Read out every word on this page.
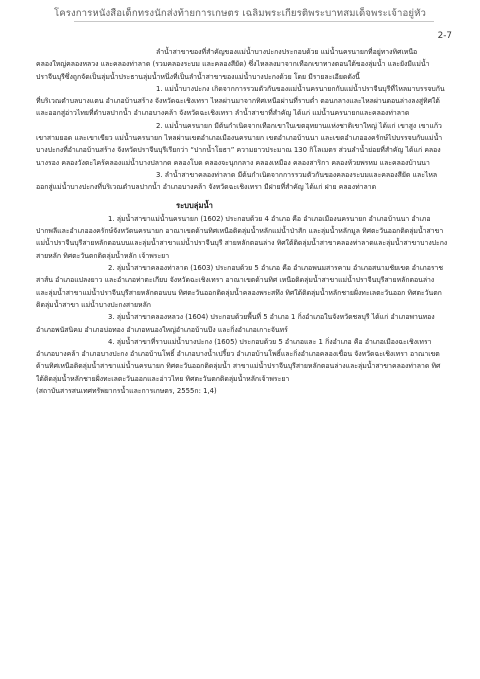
โครงการหนังสือเด็กทรงนักส่งท้ายการเกษตร เฉลิมพระเกียรติพระบาทสมเด็จพระเจ้าอยู่หัว
2-7

ลำน้ำสาขาของที่สำคัญของแม่น้ำบางปะกงประกอบด้วย แม่น้ำนครนายกที่อยู่ทางทิศเหนือ คลองใหญ่คลองหลวง และคลองท่าลาด (รวมคลองระบม และคลองสียัด) ซึ่งไหลลงมาจากเทือกเขาทางตอนใต้ของลุ่มน้ำ และยังมีแม่น้ำปราจีนบุรีซึ่งถูกจัดเป็นลุ่มน้ำประธานลุ่มน้ำหนึ่งที่เป็นลำน้ำสาขาของแม่น้ำบางปะกงด้วย โดย มีรายละเอียดดังนี้

1. แม่น้ำบางปะกง เกิดจากการรวมตัวกันของแม่น้ำนครนายกกับแม่น้ำปราจีนบุรีที่ไหลมาบรรจบกัน ที่บริเวณตำบลบางแตน อำเภอบ้านสร้าง จังหวัดฉะเชิงเทรา ไหลผ่านมาจากทิศเหนือผ่านที่ราบต่ำ ตอนกลางและไหลผ่านตอนล่างลงสู่ทิศใต้และออกสู่อ่าวไทยที่ตำบลปากน้ำ อำเภอบางคล้า จังหวัดฉะเชิงเทรา ลำน้ำสาขาที่สำคัญ ได้แก่ แม่น้ำนครนายกและคลองท่าลาด

2. แม่น้ำนครนายก มีต้นกำเนิดจากเทือกเขาในเขตอุทยานแห่งชาติเขาใหญ่ ได้แก่ เขาสูง เขาแก้ว เขาสามยอด และเขาเขียว แม่น้ำนครนายก ไหลผ่านเขตอำเภอเมืองนครนายก เขตอำเภอบ้านนา และเขตอำเภอองครักษ์ไปบรรจบกับแม่น้ำบางปะกงที่อำเภอบ้านสร้าง จังหวัดปราจีนบุรีเรียกว่า “ปากน้ำโยธา” ความยาวประมาณ 130 กิโลเมตร ส่วนลำน้ำย่อยที่สำคัญ ได้แก่ คลองนางรอง คลองวังตะไคร้คลองแม่น้ำบางปลากด คลองโบด คลองจะนุกกลาง คลองเหมือง คลองสาริกา คลองห้วยพรหม และคลองบ้านนา

3. ลำน้ำสาขาคลองท่าลาด มีต้นกำเนิดจากการรวมตัวกันของคลองระบมและคลองสียัด และไหลออกสู่แม่น้ำบางปะกงที่บริเวณตำบลปากน้ำ อำเภอบางคล้า จังหวัดฉะเชิงเทรา มีฝายที่สำคัญ ได้แก่ ฝาย คลองท่าลาด

ระบบลุ่มน้ำ

1. ลุ่มน้ำสาขาแม่น้ำนครนายก (1602) ประกอบด้วย 4 อำเภอ คือ อำเภอเมืองนครนายก อำเภอบ้านนา อำเภอปากพลีและอำเภอองครักษ์จังหวัดนครนายก อาณาเขตด้านทิศเหนือติดลุ่มน้ำหลักแม่น้ำป่าสัก และลุ่มน้ำหลักมูล ทิศตะวันออกติดลุ่มน้ำสาขาแม่น้ำปราจีนบุรีสายหลักตอนบนและลุ่มน้ำสาขาแม่น้ำปราจีนบุรี สายหลักตอนล่าง ทิศใต้ติดลุ่มน้ำสาขาคลองท่าลาดและลุ่มน้ำสาขาบางปะกงสายหลัก ทิศตะวันตกติดลุ่มน้ำหลัก เจ้าพระยา

2. ลุ่มน้ำสาขาคลองท่าลาด (1603) ประกอบด้วย 5 อำเภอ คือ อำเภอพนมสารคาม อำเภอสนามชัยเขต อำเภอราชสาส์น อำเภอแปลงยาว และอำเภอท่าตะเกียบ จังหวัดฉะเชิงเทรา อาณาเขตด้านทิศ เหนือติดลุ่มน้ำสาขาแม่น้ำปราจีนบุรีสายหลักตอนล่าง และลุ่มน้ำสาขาแม่น้ำปราจีนบุรีสายหลักตอนบน ทิศตะวันออกติดลุ่มน้ำคลองพระสทึง ทิศใต้ติดลุ่มน้ำหลักชายฝั่งทะเลตะวันออก ทิศตะวันตกติดลุ่มน้ำสาขา แม่น้ำบางปะกงสายหลัก

3. ลุ่มน้ำสาขาคลองหลวง (1604) ประกอบด้วยพื้นที่ 5 อำเภอ 1 กิ่งอำเภอในจังหวัดชลบุรี ได้แก่ อำเภอพานทอง อำเภอพนัสนิคม อำเภอบ่อทอง อำเภอหนองใหญ่อำเภอบ้านบึง และกิ่งอำเภอเกาะจันทร์

4. ลุ่มน้ำสาขาที่ราบแม่น้ำบางปะกง (1605) ประกอบด้วย 5 อำเภอและ 1 กิ่งอำเภอ คือ อำเภอเมืองฉะเชิงเทรา อำเภอบางคล้า อำเภอบางปะกง อำเภอบ้านโพธิ์ อำเภอบางน้ำเปรี้ยว อำเภอบ้านโพธิ์และกิ่งอำเภอคลองเขื่อน จังหวัดฉะเชิงเทรา อาณาเขตด้านทิศเหนือติดลุ่มน้ำสาขาแม่น้ำนครนายก ทิศตะวันออกติดลุ่มน้ำ สาขาแม่น้ำปราจีนบุรีสายหลักตอนล่างและลุ่มน้ำสาขาคลองท่าลาด ทิศใต้ติดลุ่มน้ำหลักชายฝั่งทะเลตะวันออกและอ่าวไทย ทิศตะวันตกติดลุ่มน้ำหลักเจ้าพระยา

(สถาบันสารสนเทศทรัพยากรน้ำและการเกษตร, 2555ก: 1,4)
